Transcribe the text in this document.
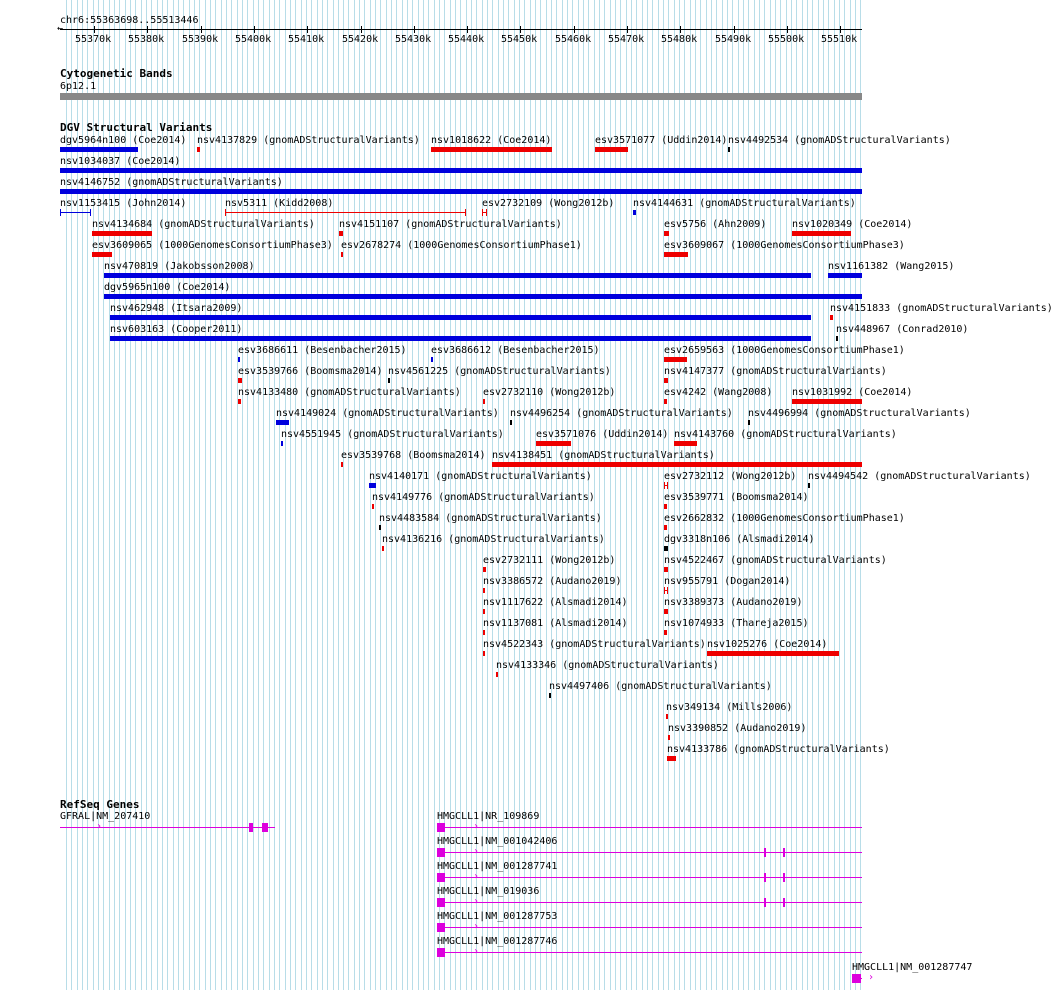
chr6:55363698..55513446
←
55370k 55380k 55390k 55400k 55410k 55420k 55430k 55440k 55450k 55460k 55470k 55480k 55490k 55500k 55510k
Cytogenetic Bands
6p12.1
DGV Structural Variants
dgv5964n100 (Coe2014) nsv4137829 (gnomADStructuralVariants) nsv1018622 (Coe2014)	esv3571077 (Uddin2014) nsv4492534 (gnomADStructuralVariants)
nsv1034037 (Coe2014)
nsv4146752 (gnomADStructuralVariants)
nsv1153415 (John2014)	nsv5311 (Kidd2008)	esv2732109 (Wong2012b) nsv4144631 (gnomADStructuralVariants)
nsv4134684 (gnomADStructuralVariants) nsv4151107 (gnomADStructuralVariants)	esv5756 (Ahn2009)	nsv1020349 (Coe2014)
esv3609065 (1000GenomesConsortiumPhase3) esv2678274 (1000GenomesConsortiumPhase1)	esv3609067 (1000GenomesConsortiumPhase3)
nsv470819 (Jakobsson2008)	nsv1161382 (Wang2015)
dgv5965n100 (Coe2014)
nsv462948 (Itsara2009)	nsv4151833 (gnomADStructuralVariants)
nsv448967 (Conrad2010)
nsv603163 (Cooper2011)
esv3686611 (Besenbacher2015) esv3686612 (Besenbacher2015)	esv2659563 (1000GenomesConsortiumPhase1)
esv3539766 (Boomsma2014) nsv4561225 (gnomADStructuralVariants)	nsv4147377 (gnomADStructuralVariants)
nsv4133480 (gnomADStructuralVariants) esv2732110 (Wong2012b)	esv4242 (Wang2008) nsv1031992 (Coe2014)
nsv4149024 (gnomADStructuralVariants) nsv4496254 (gnomADStructuralVariants) nsv4496994 (gnomADStructuralVariants)
nsv4551945 (gnomADStructuralVariants)	esv3571076 (Uddin2014) nsv4143760 (gnomADStructuralVariants)
esv3539768 (Boomsma2014) nsv4138451 (gnomADStructuralVariants)
nsv4140171 (gnomADStructuralVariants)	esv2732112 (Wong2012b) nsv4494542 (gnomADStructuralVariants)
nsv4149776 (gnomADStructuralVariants)	esv3539771 (Boomsma2014)
nsv4483584 (gnomADStructuralVariants)	esv2662832 (1000GenomesConsortiumPhase1)
nsv4136216 (gnomADStructuralVariants)	dgv3318n106 (Alsmadi2014)
esv2732111 (Wong2012b)	nsv4522467 (gnomADStructuralVariants)
nsv3386572 (Audano2019)	nsv955791 (Dogan2014)
nsv1117622 (Alsmadi2014)	nsv3389373 (Audano2019)
nsv1137081 (Alsmadi2014)	nsv1074933 (Thareja2015)
nsv4522343 (gnomADStructuralVariants) nsv1025276 (Coe2014)
nsv4133346 (gnomADStructuralVariants)
nsv4497406 (gnomADStructuralVariants)
nsv349134 (Mills2006)
nsv3390852 (Audano2019)
nsv4133786 (gnomADStructuralVariants)
RefSeq Genes
GFRAL|NM_207410
›
HMGCLL1|NR_109869
›
HMGCLL1|NM_001042406
›
HMGCLL1|NM_001287741
›
HMGCLL1|NM_019036
›
HMGCLL1|NM_001287753
›
HMGCLL1|NM_001287746
›
HMGCLL1|NM_001287747
›
